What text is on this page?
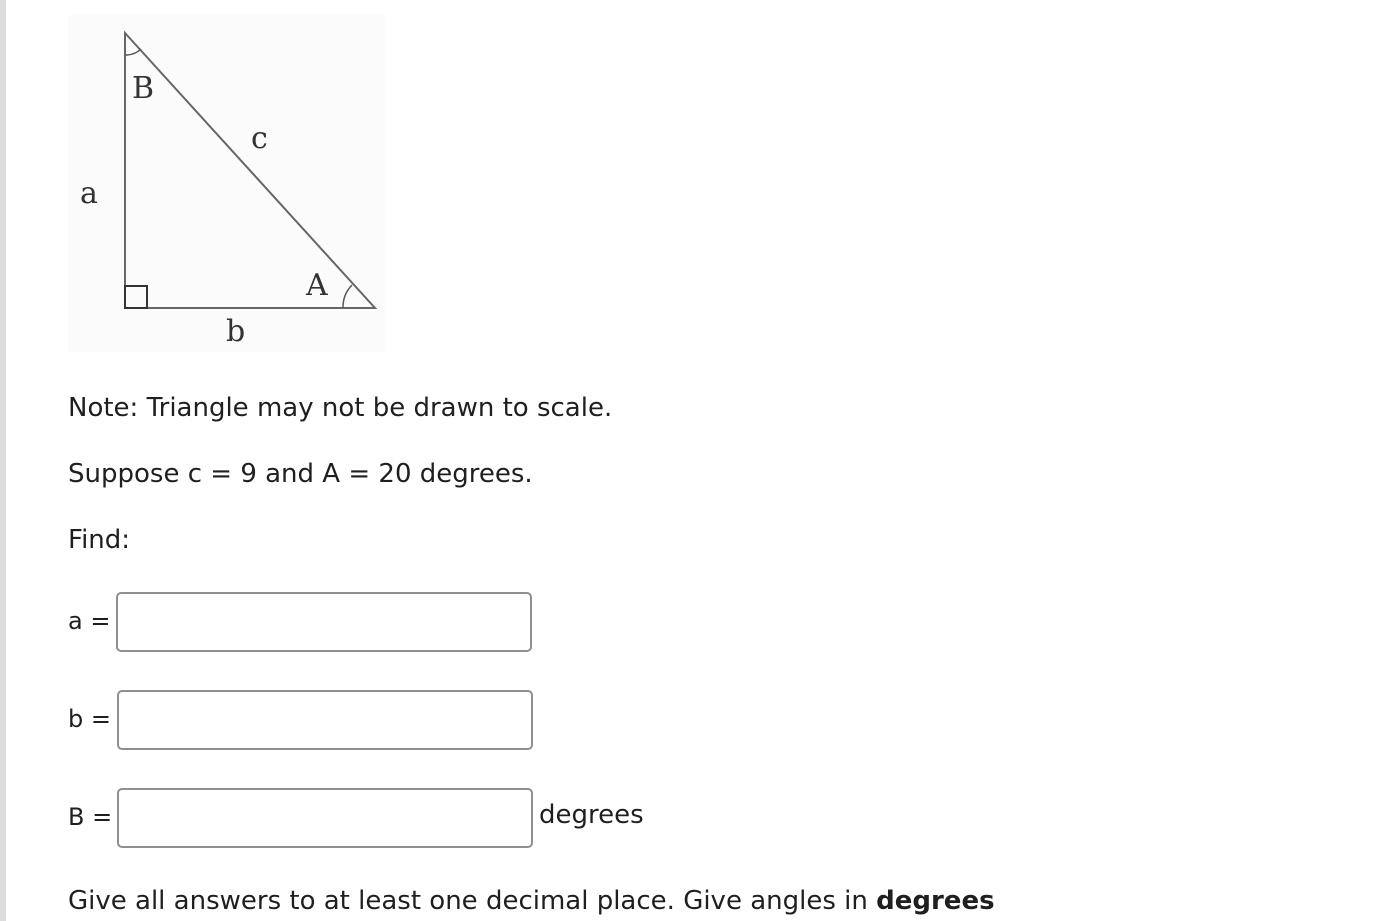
a
b
c
A
B
Note: Triangle may not be drawn to scale.
Suppose c = 9 and A = 20 degrees.
Find:
a =
b =
B =	degrees
Give all answers to at least one decimal place. Give angles in degrees
